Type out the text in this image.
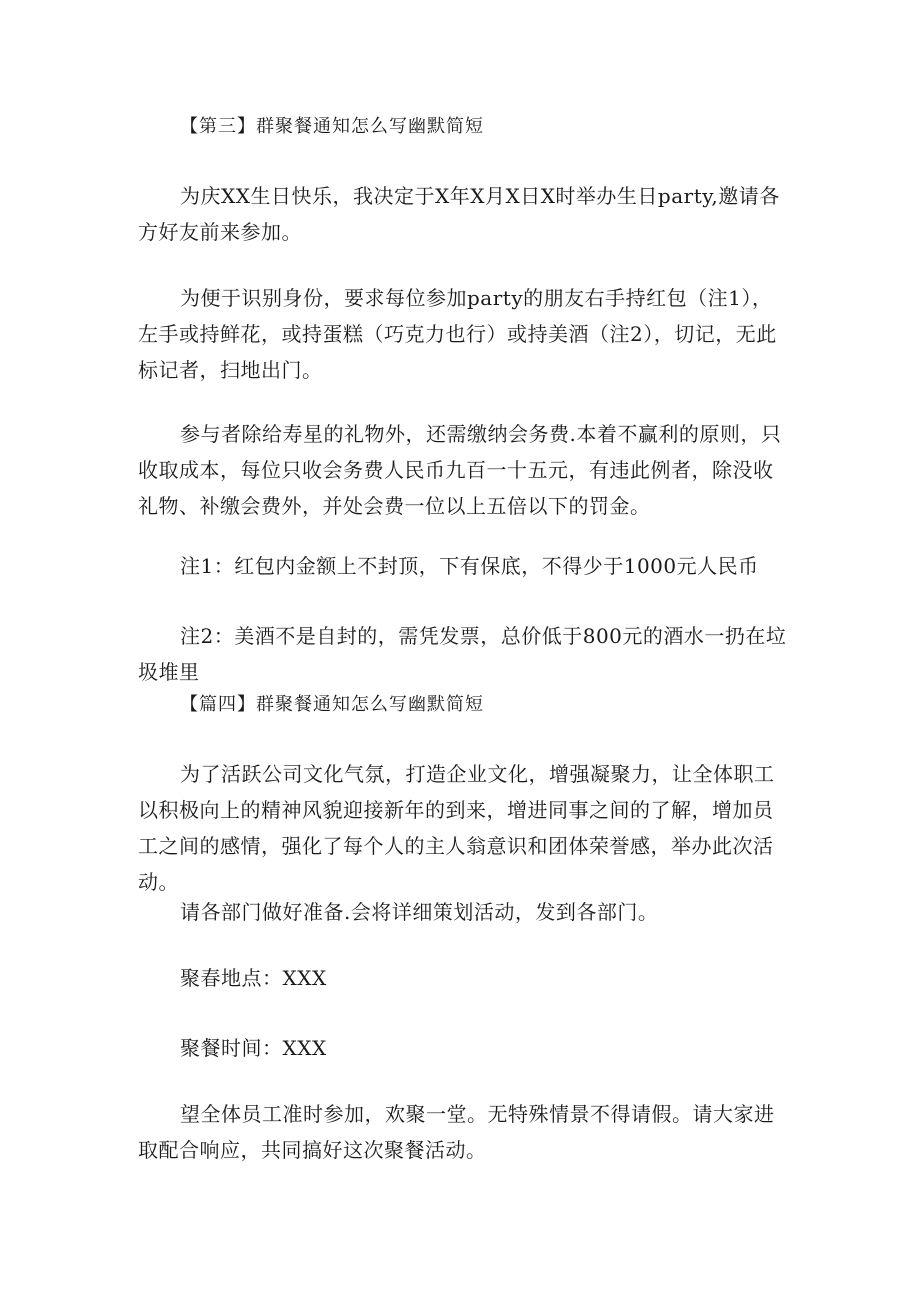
【第三】群聚餐通知怎么写幽默简短

为庆XX生日快乐，我决定于X年X月X日X时举办生日party,邀请各方好友前来参加。

为便于识别身份，要求每位参加party的朋友右手持红包（注1），左手或持鲜花，或持蛋糕（巧克力也行）或持美酒（注2），切记，无此标记者，扫地出门。

参与者除给寿星的礼物外，还需缴纳会务费.本着不赢利的原则，只收取成本，每位只收会务费人民币九百一十五元，有违此例者，除没收礼物、补缴会费外，并处会费一位以上五倍以下的罚金。

注1：红包内金额上不封顶，下有保底，不得少于1000元人民币

注2：美酒不是自封的，需凭发票，总价低于800元的酒水一扔在垃圾堆里

【篇四】群聚餐通知怎么写幽默简短

为了活跃公司文化气氛，打造企业文化，增强凝聚力，让全体职工以积极向上的精神风貌迎接新年的到来，增进同事之间的了解，增加员工之间的感情，强化了每个人的主人翁意识和团体荣誉感，举办此次活动。

请各部门做好准备.会将详细策划活动，发到各部门。

聚春地点：XXX

聚餐时间：XXX

望全体员工准时参加，欢聚一堂。无特殊情景不得请假。请大家进取配合响应，共同搞好这次聚餐活动。
